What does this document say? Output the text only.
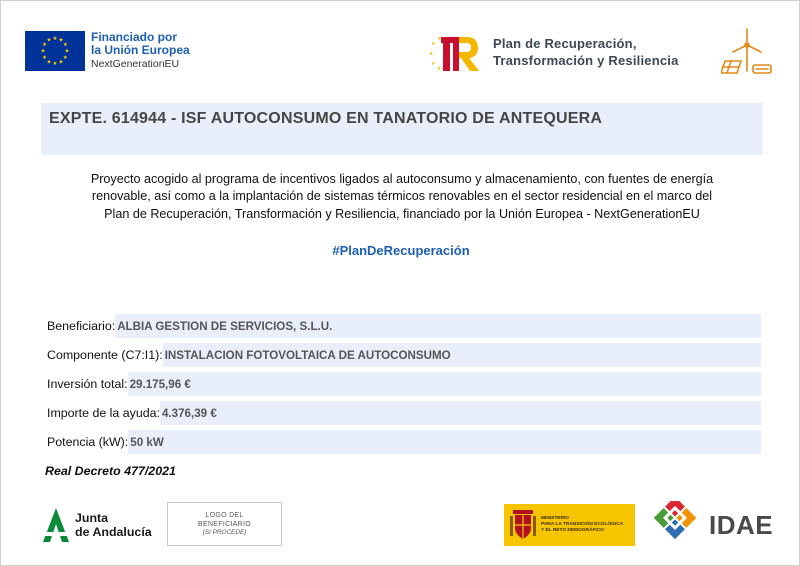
★ ★
★
★
★
★
★
★
★
★
★
★	Financiado por
la Unión Europea
NextGenerationEU
★
★
★
★
★
Plan de Recuperación,
Transformación y Resiliencia
EXPTE. 614944 - ISF AUTOCONSUMO EN TANATORIO DE ANTEQUERA
Proyecto acogido al programa de incentivos ligados al autoconsumo y almacenamiento, con fuentes de energía
renovable, así como a la implantación de sistemas térmicos renovables en el sector residencial en el marco del
Plan de Recuperación, Transformación y Resiliencia, financiado por la Unión Europea - NextGenerationEU
#PlanDeRecuperación
Beneficiario: ALBIA GESTION DE SERVICIOS, S.L.U.
Componente (C7:I1): INSTALACION FOTOVOLTAICA DE AUTOCONSUMO
Inversión total: 29.175,96 €
Importe de la ayuda: 4.376,39 €
Potencia (kW): 50 kW
Real Decreto 477/2021
Junta
de Andalucía
LOGO DEL
BENEFICIARIO
(SI PROCEDE)
MINISTERIO
PARA LA TRANSICIÓN ECOLÓGICA
Y EL RETO DEMOGRÁFICO	IDAE
